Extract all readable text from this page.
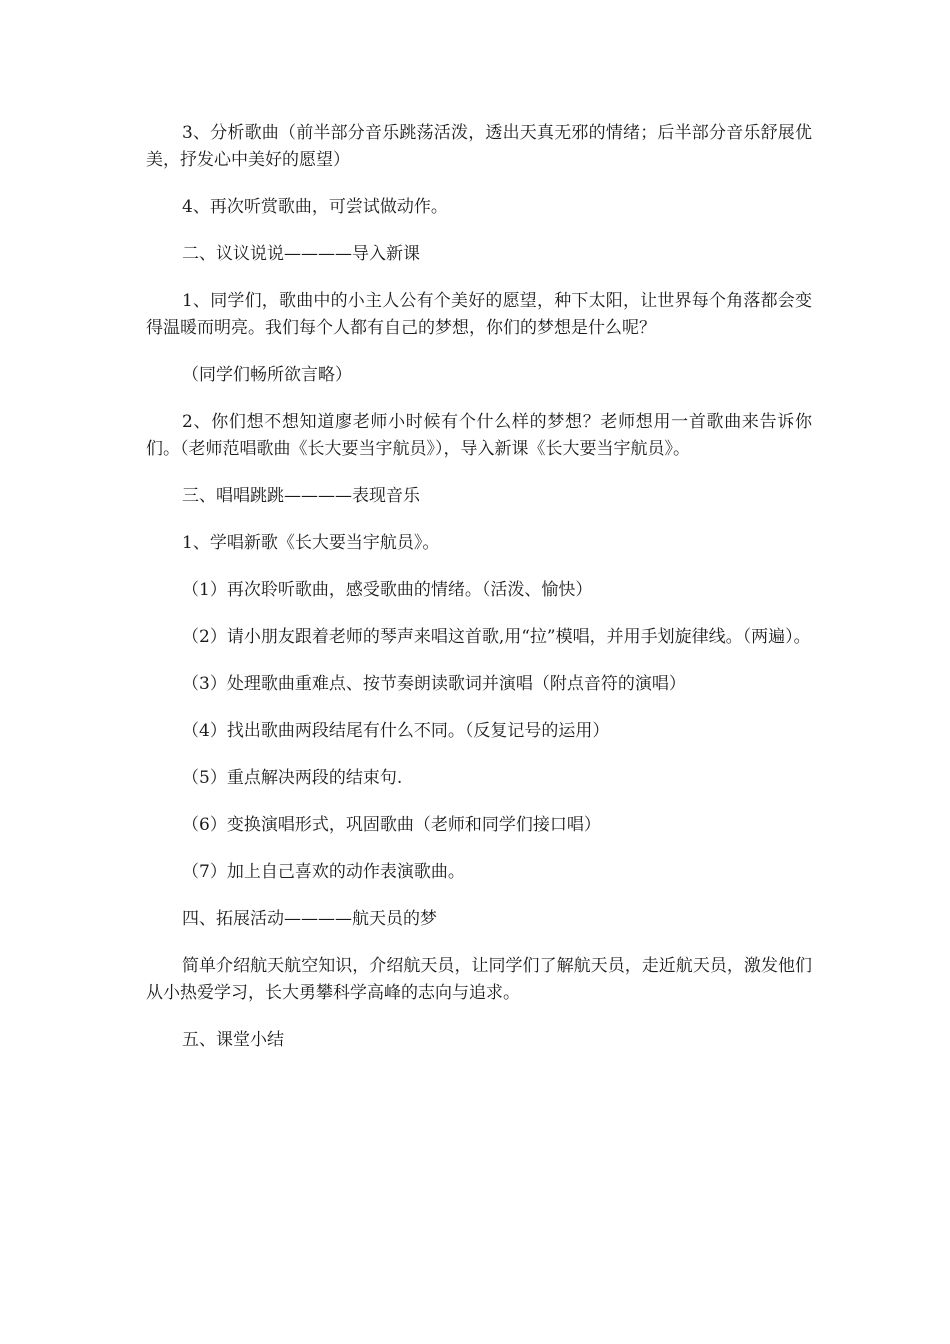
3、分析歌曲（前半部分音乐跳荡活泼，透出天真无邪的情绪；后半部分音乐舒展优美，抒发心中美好的愿望）

4、再次听赏歌曲，可尝试做动作。

二、议议说说————导入新课

1、同学们，歌曲中的小主人公有个美好的愿望，种下太阳，让世界每个角落都会变得温暖而明亮。我们每个人都有自己的梦想，你们的梦想是什么呢？

（同学们畅所欲言略）

2、你们想不想知道廖老师小时候有个什么样的梦想？老师想用一首歌曲来告诉你们。（老师范唱歌曲《长大要当宇航员》），导入新课《长大要当宇航员》。

三、唱唱跳跳————表现音乐

1、学唱新歌《长大要当宇航员》。

（1）再次聆听歌曲，感受歌曲的情绪。（活泼、愉快）

（2）请小朋友跟着老师的琴声来唱这首歌,用“拉”模唱，并用手划旋律线。（两遍）。

（3）处理歌曲重难点、按节奏朗读歌词并演唱（附点音符的演唱）

（4）找出歌曲两段结尾有什么不同。（反复记号的运用）

（5）重点解决两段的结束句.

（6）变换演唱形式，巩固歌曲（老师和同学们接口唱）

（7）加上自己喜欢的动作表演歌曲。

四、拓展活动————航天员的梦

简单介绍航天航空知识，介绍航天员，让同学们了解航天员，走近航天员，激发他们从小热爱学习，长大勇攀科学高峰的志向与追求。

五、课堂小结
